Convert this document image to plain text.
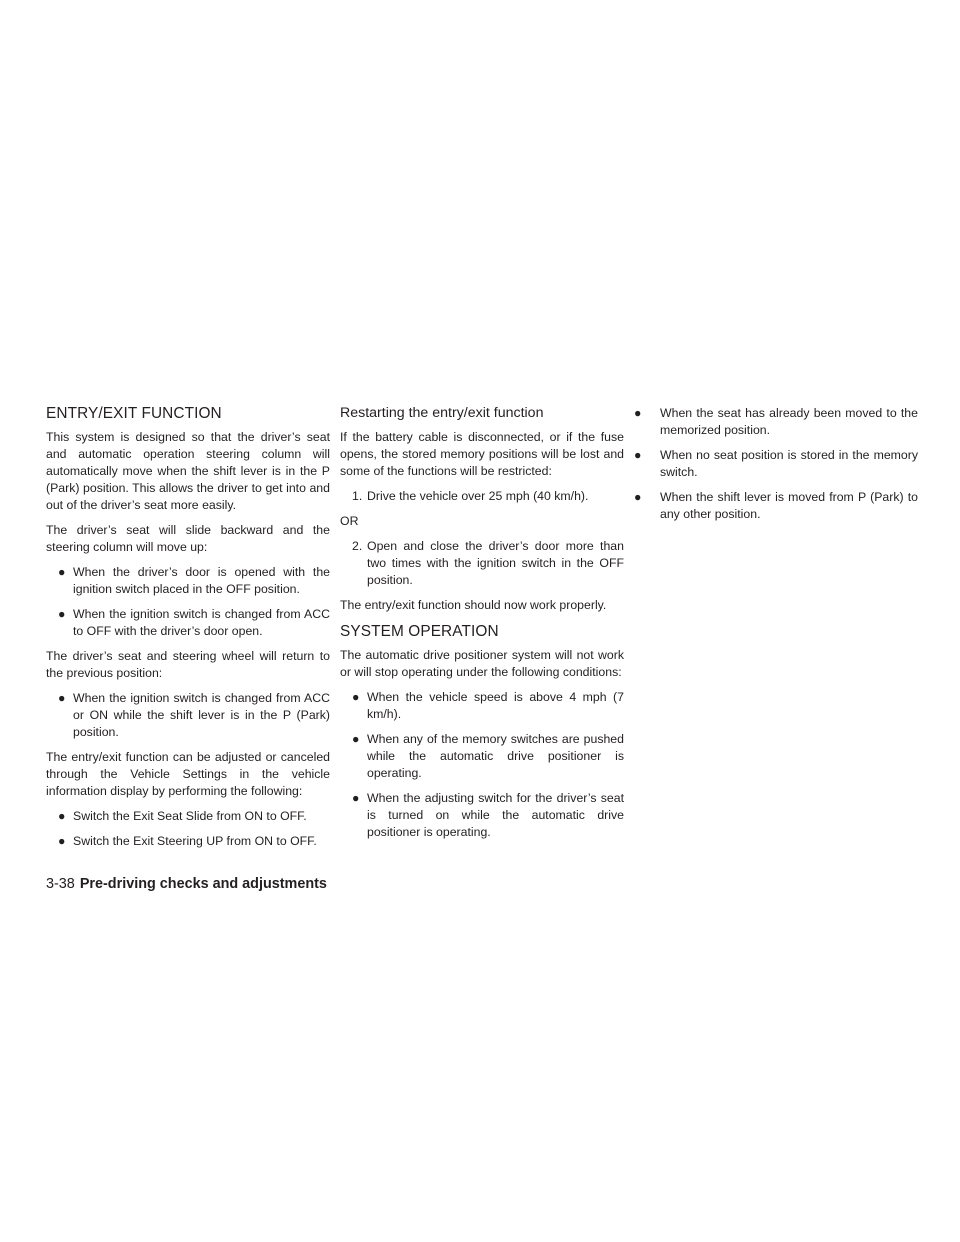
ENTRY/EXIT FUNCTION

This system is designed so that the driver’s seat and automatic operation steering column will automatically move when the shift lever is in the P (Park) position. This allows the driver to get into and out of the driver’s seat more easily.

The driver’s seat will slide backward and the steering column will move up:

● When the driver’s door is opened with the ignition switch placed in the OFF position.
● When the ignition switch is changed from ACC to OFF with the driver’s door open.

The driver’s seat and steering wheel will return to the previous position:

● When the ignition switch is changed from ACC or ON while the shift lever is in the P (Park) position.

The entry/exit function can be adjusted or canceled through the Vehicle Settings in the vehicle information display by performing the following:

● Switch the Exit Seat Slide from ON to OFF.
● Switch the Exit Steering UP from ON to OFF.
Restarting the entry/exit function

If the battery cable is disconnected, or if the fuse opens, the stored memory positions will be lost and some of the functions will be restricted:

1. Drive the vehicle over 25 mph (40 km/h).

OR

2. Open and close the driver’s door more than two times with the ignition switch in the OFF position.

The entry/exit function should now work properly.

SYSTEM OPERATION

The automatic drive positioner system will not work or will stop operating under the following conditions:

● When the vehicle speed is above 4 mph (7 km/h).
● When any of the memory switches are pushed while the automatic drive positioner is operating.
● When the adjusting switch for the driver’s seat is turned on while the automatic drive positioner is operating.
● When the seat has already been moved to the memorized position.
● When no seat position is stored in the memory switch.
● When the shift lever is moved from P (Park) to any other position.
3-38 Pre-driving checks and adjustments
